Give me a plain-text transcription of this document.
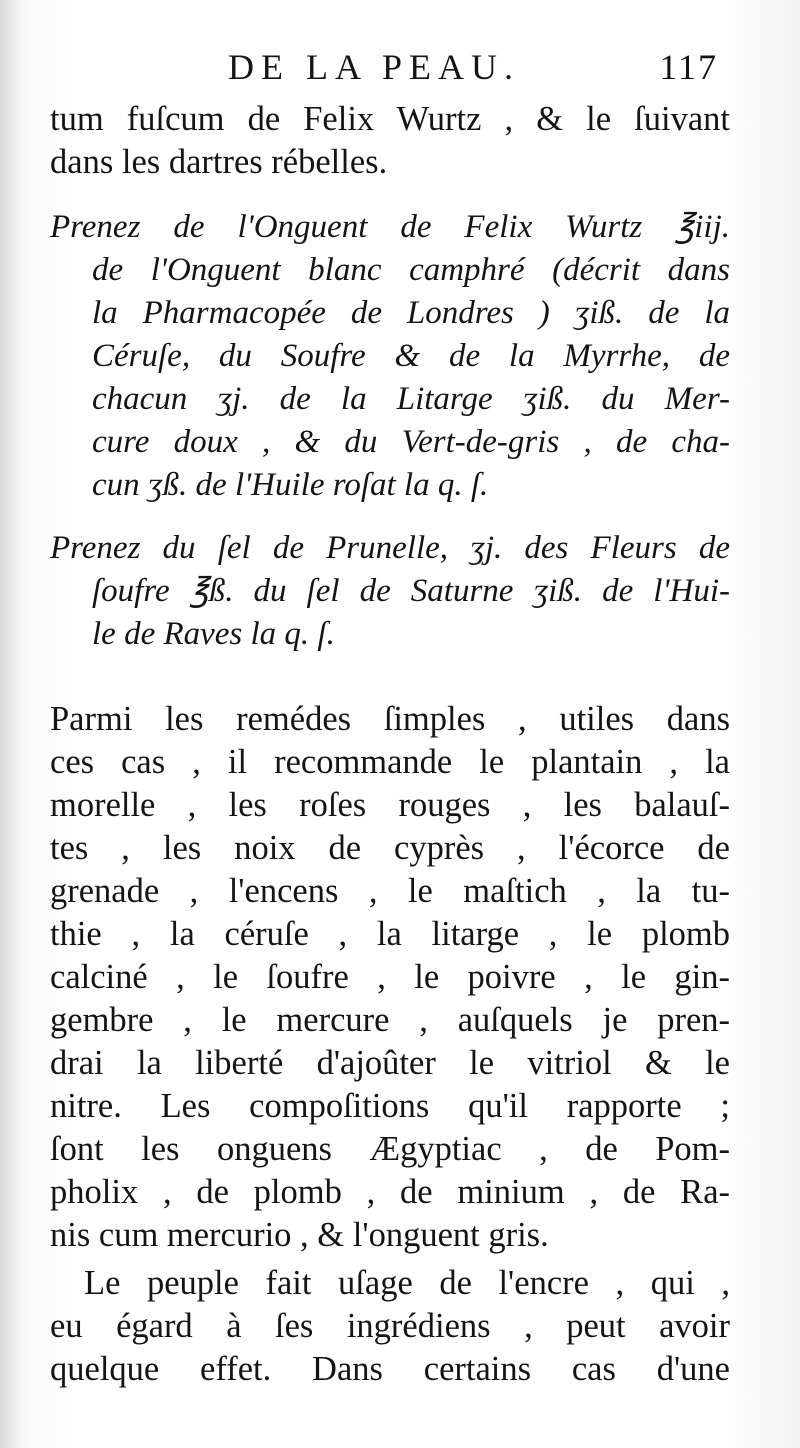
DE LA PEAU.	117
tum fuſcum de Felix Wurtz , & le ſuivant
dans les dartres rébelles.
Prenez de l'Onguent de Felix Wurtz ℥iij.
de l'Onguent blanc camphré (décrit dans
la Pharmacopée de Londres ) ʒiß. de la
Céruſe, du Soufre & de la Myrrhe, de
chacun ʒj. de la Litarge ʒiß. du Mer-
cure doux , & du Vert-de-gris , de cha-
cun ʒß. de l'Huile roſat la q. ſ.
Prenez du ſel de Prunelle, ʒj. des Fleurs de
ſoufre ℥ß. du ſel de Saturne ʒiß. de l'Hui-
le de Raves la q. ſ.
Parmi les remédes ſimples , utiles dans
ces cas , il recommande le plantain , la
morelle , les roſes rouges , les balauſ-
tes , les noix de cyprès , l'écorce de
grenade , l'encens , le maſtich , la tu-
thie , la céruſe , la litarge , le plomb
calciné , le ſoufre , le poivre , le gin-
gembre , le mercure , auſquels je pren-
drai la liberté d'ajoûter le vitriol & le
nitre. Les compoſitions qu'il rapporte ;
ſont les onguens Ægyptiac , de Pom-
pholix , de plomb , de minium , de Ra-
nis cum mercurio , & l'onguent gris.
Le peuple fait uſage de l'encre , qui ,
eu égard à ſes ingrédiens , peut avoir
quelque effet. Dans certains cas d'une
